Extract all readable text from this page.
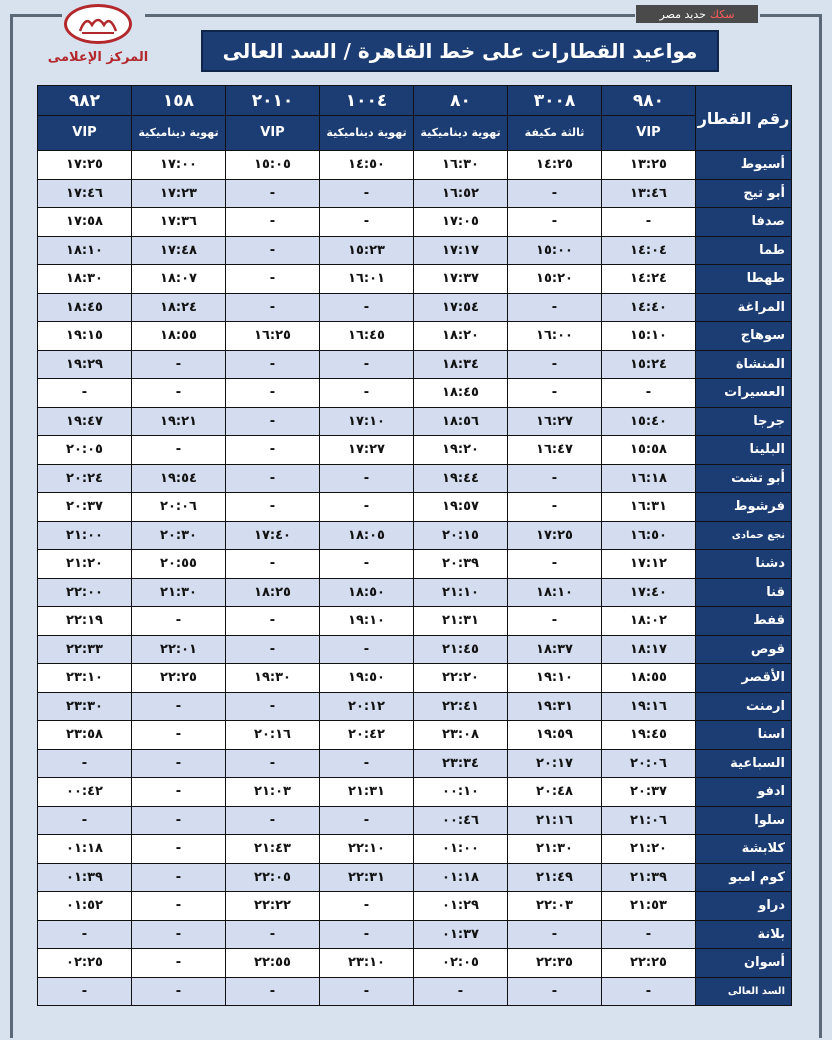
المركز الإعلامى
سكك
حديد مصر
مواعيد القطارات على خط القاهرة / السد العالى
٩٨٢	١٥٨	٢٠١٠	١٠٠٤	٨٠	٣٠٠٨	٩٨٠	رقم القطار
VIP	تهوية ديناميكية	VIP	تهوية ديناميكية	تهوية ديناميكية	ثالثة مكيفة	VIP	
١٧:٢٥	١٧:٠٠	١٥:٠٥	١٤:٥٠	١٦:٣٠	١٤:٢٥	١٣:٢٥	أسيوط
١٧:٤٦	١٧:٢٣	-	-	١٦:٥٢	-	١٣:٤٦	أبو تيج
١٧:٥٨	١٧:٣٦	-	-	١٧:٠٥	-	-	صدفا
١٨:١٠	١٧:٤٨	-	١٥:٢٣	١٧:١٧	١٥:٠٠	١٤:٠٤	طما
١٨:٣٠	١٨:٠٧	-	١٦:٠١	١٧:٣٧	١٥:٢٠	١٤:٢٤	طهطا
١٨:٤٥	١٨:٢٤	-	-	١٧:٥٤	-	١٤:٤٠	المراغة
١٩:١٥	١٨:٥٥	١٦:٢٥	١٦:٤٥	١٨:٢٠	١٦:٠٠	١٥:١٠	سوهاج
١٩:٢٩	-	-	-	١٨:٣٤	-	١٥:٢٤	المنشاة
-	-	-	-	١٨:٤٥	-	-	العسيرات
١٩:٤٧	١٩:٢١	-	١٧:١٠	١٨:٥٦	١٦:٢٧	١٥:٤٠	جرجا
٢٠:٠٥	-	-	١٧:٢٧	١٩:٢٠	١٦:٤٧	١٥:٥٨	البلينا
٢٠:٢٤	١٩:٥٤	-	-	١٩:٤٤	-	١٦:١٨	أبو تشت
٢٠:٣٧	٢٠:٠٦	-	-	١٩:٥٧	-	١٦:٣١	فرشوط
٢١:٠٠	٢٠:٣٠	١٧:٤٠	١٨:٠٥	٢٠:١٥	١٧:٢٥	١٦:٥٠	نجع حمادى
٢١:٢٠	٢٠:٥٥	-	-	٢٠:٣٩	-	١٧:١٢	دشنا
٢٢:٠٠	٢١:٣٠	١٨:٢٥	١٨:٥٠	٢١:١٠	١٨:١٠	١٧:٤٠	قنا
٢٢:١٩	-	-	١٩:١٠	٢١:٣١	-	١٨:٠٢	قفط
٢٢:٣٣	٢٢:٠١	-	-	٢١:٤٥	١٨:٣٧	١٨:١٧	قوص
٢٣:١٠	٢٢:٢٥	١٩:٣٠	١٩:٥٠	٢٢:٢٠	١٩:١٠	١٨:٥٥	الأقصر
٢٣:٣٠	-	-	٢٠:١٢	٢٢:٤١	١٩:٣١	١٩:١٦	ارمنت
٢٣:٥٨	-	٢٠:١٦	٢٠:٤٢	٢٣:٠٨	١٩:٥٩	١٩:٤٥	اسنا
-	-	-	-	٢٣:٣٤	٢٠:١٧	٢٠:٠٦	السباعية
٠٠:٤٢	-	٢١:٠٣	٢١:٣١	٠٠:١٠	٢٠:٤٨	٢٠:٣٧	ادفو
-	-	-	-	٠٠:٤٦	٢١:١٦	٢١:٠٦	سلوا
٠١:١٨	-	٢١:٤٣	٢٢:١٠	٠١:٠٠	٢١:٣٠	٢١:٢٠	كلابشة
٠١:٣٩	-	٢٢:٠٥	٢٢:٣١	٠١:١٨	٢١:٤٩	٢١:٣٩	كوم امبو
٠١:٥٢	-	٢٢:٢٢	-	٠١:٢٩	٢٢:٠٣	٢١:٥٣	دراو
-	-	-	-	٠١:٣٧	-	-	بلانة
٠٢:٢٥	-	٢٢:٥٥	٢٣:١٠	٠٢:٠٥	٢٢:٣٥	٢٢:٢٥	أسوان
-	-	-	-	-	-	-	السد العالى
